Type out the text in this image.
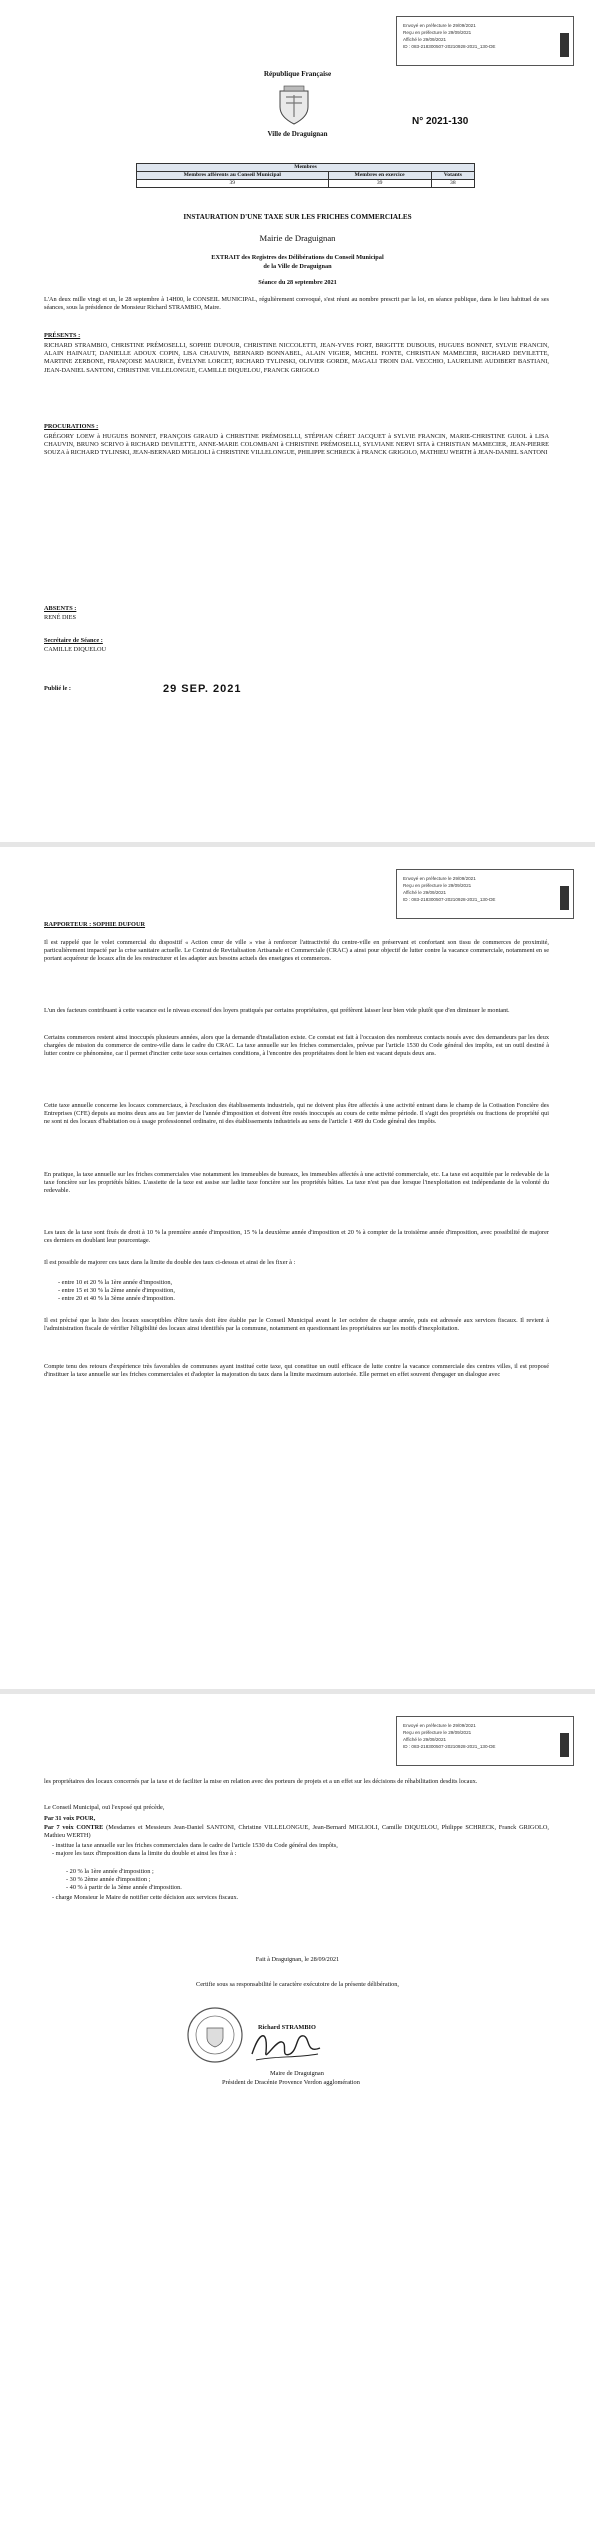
Envoyé en préfecture le 29/09/2021
Reçu en préfecture le 29/09/2021
Affiché le 29/09/2021
ID : 083-218300507-20210928-2021_130-DE
République Française
Ville de Draguignan
N° 2021-130
Membres		
Membres afférents au Conseil Municipal	Membres en exercice	Votants
39	39	38
INSTAURATION D'UNE TAXE SUR LES FRICHES COMMERCIALES
Mairie de Draguignan
EXTRAIT des Registres des Délibérations du Conseil Municipal
de la Ville de Draguignan
Séance du 28 septembre 2021
L'An deux mille vingt et un, le 28 septembre à 14H00, le CONSEIL MUNICIPAL, régulièrement convoqué, s'est réuni au nombre prescrit par la loi, en séance publique, dans le lieu habituel de ses séances, sous la présidence de Monsieur Richard STRAMBIO, Maire.
PRÉSENTS :
RICHARD STRAMBIO, CHRISTINE PRÉMOSELLI, SOPHIE DUFOUR, CHRISTINE NICCOLETTI, JEAN-YVES FORT, BRIGITTE DUBOUIS, HUGUES BONNET, SYLVIE FRANCIN, ALAIN HAINAUT, DANIELLE ADOUX COPIN, LISA CHAUVIN, BERNARD BONNABEL, ALAIN VIGIER, MICHEL FONTE, CHRISTIAN MAMECIER, RICHARD DEVILETTE, MARTINE ZERBONE, FRANÇOISE MAURICE, ÉVELYNE LORCET, RICHARD TYLINSKI, OLIVIER GORDE, MAGALI TROIN DAL VECCHIO, LAURELINE AUDIBERT BASTIANI, JEAN-DANIEL SANTONI, CHRISTINE VILLELONGUE, CAMILLE DIQUELOU, FRANCK GRIGOLO
PROCURATIONS :
GRÉGORY LOEW à HUGUES BONNET, FRANÇOIS GIRAUD à CHRISTINE PRÉMOSELLI, STÉPHAN CÉRET JACQUET à SYLVIE FRANCIN, MARIE-CHRISTINE GUIOL à LISA CHAUVIN, BRUNO SCRIVO à RICHARD DEVILETTE, ANNE-MARIE COLOMBANI à CHRISTINE PRÉMOSELLI, SYLVIANE NERVI SITA à CHRISTIAN MAMECIER, JEAN-PIERRE SOUZA à RICHARD TYLINSKI, JEAN-BERNARD MIGLIOLI à CHRISTINE VILLELONGUE, PHILIPPE SCHRECK à FRANCK GRIGOLO, MATHIEU WERTH à JEAN-DANIEL SANTONI
ABSENTS :
RENÉ DIES
Secrétaire de Séance :
CAMILLE DIQUELOU
Publié le :	29 SEP. 2021
Envoyé en préfecture le 29/09/2021
Reçu en préfecture le 29/09/2021
Affiché le 29/09/2021
ID : 083-218300507-20210928-2021_130-DE
RAPPORTEUR : SOPHIE DUFOUR
Il est rappelé que le volet commercial du dispositif « Action cœur de ville » vise à renforcer l'attractivité du centre-ville en préservant et confortant son tissu de commerces de proximité, particulièrement impacté par la crise sanitaire actuelle. Le Contrat de Revitalisation Artisanale et Commerciale (CRAC) a ainsi pour objectif de lutter contre la vacance commerciale, notamment en se portant acquéreur de locaux afin de les restructurer et les adapter aux besoins actuels des enseignes et commerces.
L'un des facteurs contribuant à cette vacance est le niveau excessif des loyers pratiqués par certains propriétaires, qui préfèrent laisser leur bien vide plutôt que d'en diminuer le montant.
Certains commerces restent ainsi inoccupés plusieurs années, alors que la demande d'installation existe. Ce constat est fait à l'occasion des nombreux contacts noués avec des demandeurs par les deux chargées de mission du commerce de centre-ville dans le cadre du CRAC. La taxe annuelle sur les friches commerciales, prévue par l'article 1530 du Code général des impôts, est un outil destiné à lutter contre ce phénomène, car il permet d'inciter cette taxe sous certaines conditions, à l'encontre des propriétaires dont le bien est vacant depuis deux ans.
Cette taxe annuelle concerne les locaux commerciaux, à l'exclusion des établissements industriels, qui ne doivent plus être affectés à une activité entrant dans le champ de la Cotisation Foncière des Entreprises (CFE) depuis au moins deux ans au 1er janvier de l'année d'imposition et doivent être restés inoccupés au cours de cette même période. Il s'agit des propriétés ou fractions de propriété qui ne sont ni des locaux d'habitation ou à usage professionnel ordinaire, ni des établissements industriels au sens de l'article 1 499 du Code général des impôts.
En pratique, la taxe annuelle sur les friches commerciales vise notamment les immeubles de bureaux, les immeubles affectés à une activité commerciale, etc. La taxe est acquittée par le redevable de la taxe foncière sur les propriétés bâties. L'assiette de la taxe est assise sur ladite taxe foncière sur les propriétés bâties. La taxe n'est pas due lorsque l'inexploitation est indépendante de la volonté du redevable.
Les taux de la taxe sont fixés de droit à 10 % la première année d'imposition, 15 % la deuxième année d'imposition et 20 % à compter de la troisième année d'imposition, avec possibilité de majorer ces derniers en doublant leur pourcentage.
Il est possible de majorer ces taux dans la limite du double des taux ci-dessus et ainsi de les fixer à :
- entre 10 et 20 % la 1ère année d'imposition,
- entre 15 et 30 % la 2ème année d'imposition,
- entre 20 et 40 % la 3ème année d'imposition.
Il est précisé que la liste des locaux susceptibles d'être taxés doit être établie par le Conseil Municipal avant le 1er octobre de chaque année, puis est adressée aux services fiscaux. Il revient à l'administration fiscale de vérifier l'éligibilité des locaux ainsi identifiés par la commune, notamment en questionnant les propriétaires sur les motifs d'inexploitation.
Compte tenu des retours d'expérience très favorables de communes ayant institué cette taxe, qui constitue un outil efficace de lutte contre la vacance commerciale des centres villes, il est proposé d'instituer la taxe annuelle sur les friches commerciales et d'adopter la majoration du taux dans la limite maximum autorisée. Elle permet en effet souvent d'engager un dialogue avec
Envoyé en préfecture le 29/09/2021
Reçu en préfecture le 29/09/2021
Affiché le 29/09/2021
ID : 083-218300507-20210928-2021_130-DE
les propriétaires des locaux concernés par la taxe et de faciliter la mise en relation avec des porteurs de projets et a un effet sur les décisions de réhabilitation desdits locaux.
Le Conseil Municipal, ouï l'exposé qui précède,
Par 31 voix POUR,
Par 7 voix CONTRE (Mesdames et Messieurs Jean-Daniel SANTONI, Christine VILLELONGUE, Jean-Bernard MIGLIOLI, Camille DIQUELOU, Philippe SCHRECK, Franck GRIGOLO, Mathieu WERTH)
- institue la taxe annuelle sur les friches commerciales dans le cadre de l'article 1530 du Code général des impôts,
- majore les taux d'imposition dans la limite du double et ainsi les fixe à :
- 20 % la 1ère année d'imposition ;
- 30 % 2ème année d'imposition ;
- 40 % à partir de la 3ème année d'imposition.
- charge Monsieur le Maire de notifier cette décision aux services fiscaux.
Fait à Draguignan, le 28/09/2021
Certifie sous sa responsabilité le caractère exécutoire de la présente délibération,
Richard STRAMBIO
Maire de Draguignan
Président de Dracénie Provence Verdon agglomération
